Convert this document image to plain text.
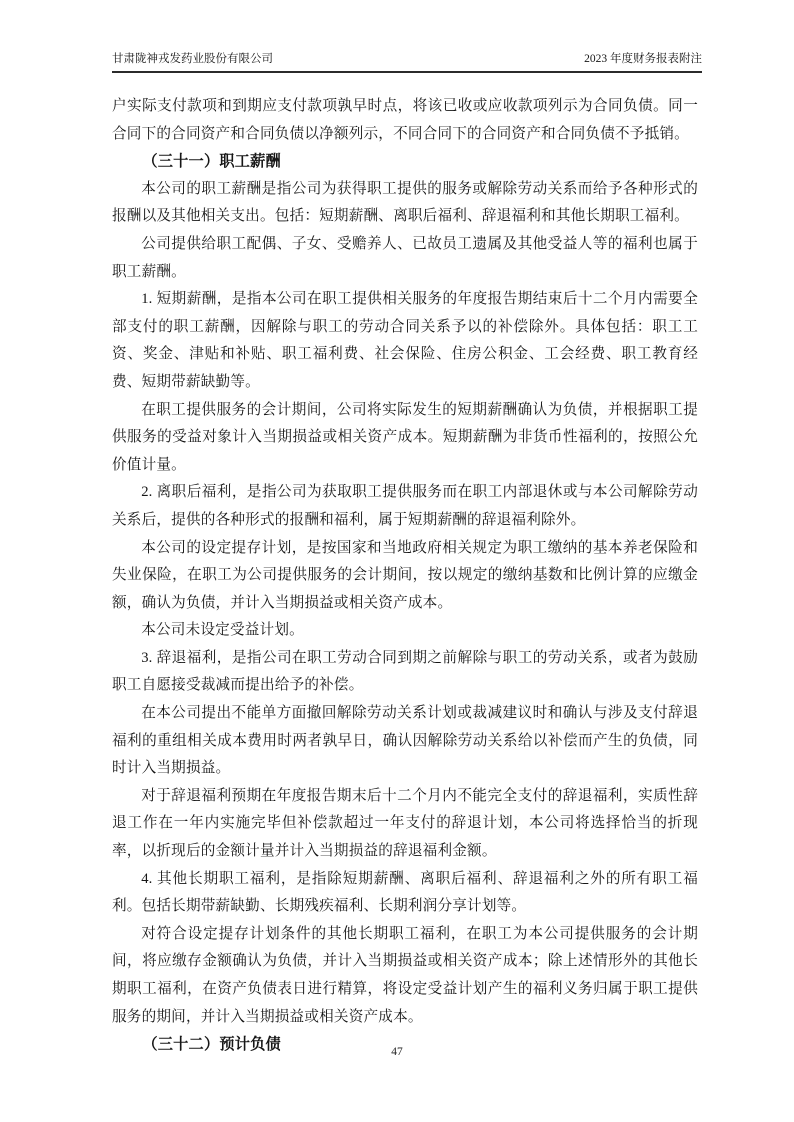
甘肃陇神戎发药业股份有限公司	2023 年度财务报表附注

户实际支付款项和到期应支付款项孰早时点，将该已收或应收款项列示为合同负债。同一合同下的合同资产和合同负债以净额列示，不同合同下的合同资产和合同负债不予抵销。

（三十一）职工薪酬

本公司的职工薪酬是指公司为获得职工提供的服务或解除劳动关系而给予各种形式的报酬以及其他相关支出。包括：短期薪酬、离职后福利、辞退福利和其他长期职工福利。

公司提供给职工配偶、子女、受赡养人、已故员工遗属及其他受益人等的福利也属于职工薪酬。

1. 短期薪酬，是指本公司在职工提供相关服务的年度报告期结束后十二个月内需要全部支付的职工薪酬，因解除与职工的劳动合同关系予以的补偿除外。具体包括：职工工资、奖金、津贴和补贴、职工福利费、社会保险、住房公积金、工会经费、职工教育经费、短期带薪缺勤等。

在职工提供服务的会计期间，公司将实际发生的短期薪酬确认为负债，并根据职工提供服务的受益对象计入当期损益或相关资产成本。短期薪酬为非货币性福利的，按照公允价值计量。

2. 离职后福利，是指公司为获取职工提供服务而在职工内部退休或与本公司解除劳动关系后，提供的各种形式的报酬和福利，属于短期薪酬的辞退福利除外。

本公司的设定提存计划，是按国家和当地政府相关规定为职工缴纳的基本养老保险和失业保险，在职工为公司提供服务的会计期间，按以规定的缴纳基数和比例计算的应缴金额，确认为负债，并计入当期损益或相关资产成本。

本公司未设定受益计划。

3. 辞退福利，是指公司在职工劳动合同到期之前解除与职工的劳动关系，或者为鼓励职工自愿接受裁减而提出给予的补偿。

在本公司提出不能单方面撤回解除劳动关系计划或裁减建议时和确认与涉及支付辞退福利的重组相关成本费用时两者孰早日，确认因解除劳动关系给以补偿而产生的负债，同时计入当期损益。

对于辞退福利预期在年度报告期末后十二个月内不能完全支付的辞退福利，实质性辞退工作在一年内实施完毕但补偿款超过一年支付的辞退计划，本公司将选择恰当的折现率，以折现后的金额计量并计入当期损益的辞退福利金额。

4. 其他长期职工福利，是指除短期薪酬、离职后福利、辞退福利之外的所有职工福利。包括长期带薪缺勤、长期残疾福利、长期利润分享计划等。

对符合设定提存计划条件的其他长期职工福利，在职工为本公司提供服务的会计期间，将应缴存金额确认为负债，并计入当期损益或相关资产成本；除上述情形外的其他长期职工福利，在资产负债表日进行精算，将设定受益计划产生的福利义务归属于职工提供服务的期间，并计入当期损益或相关资产成本。

（三十二）预计负债	47
